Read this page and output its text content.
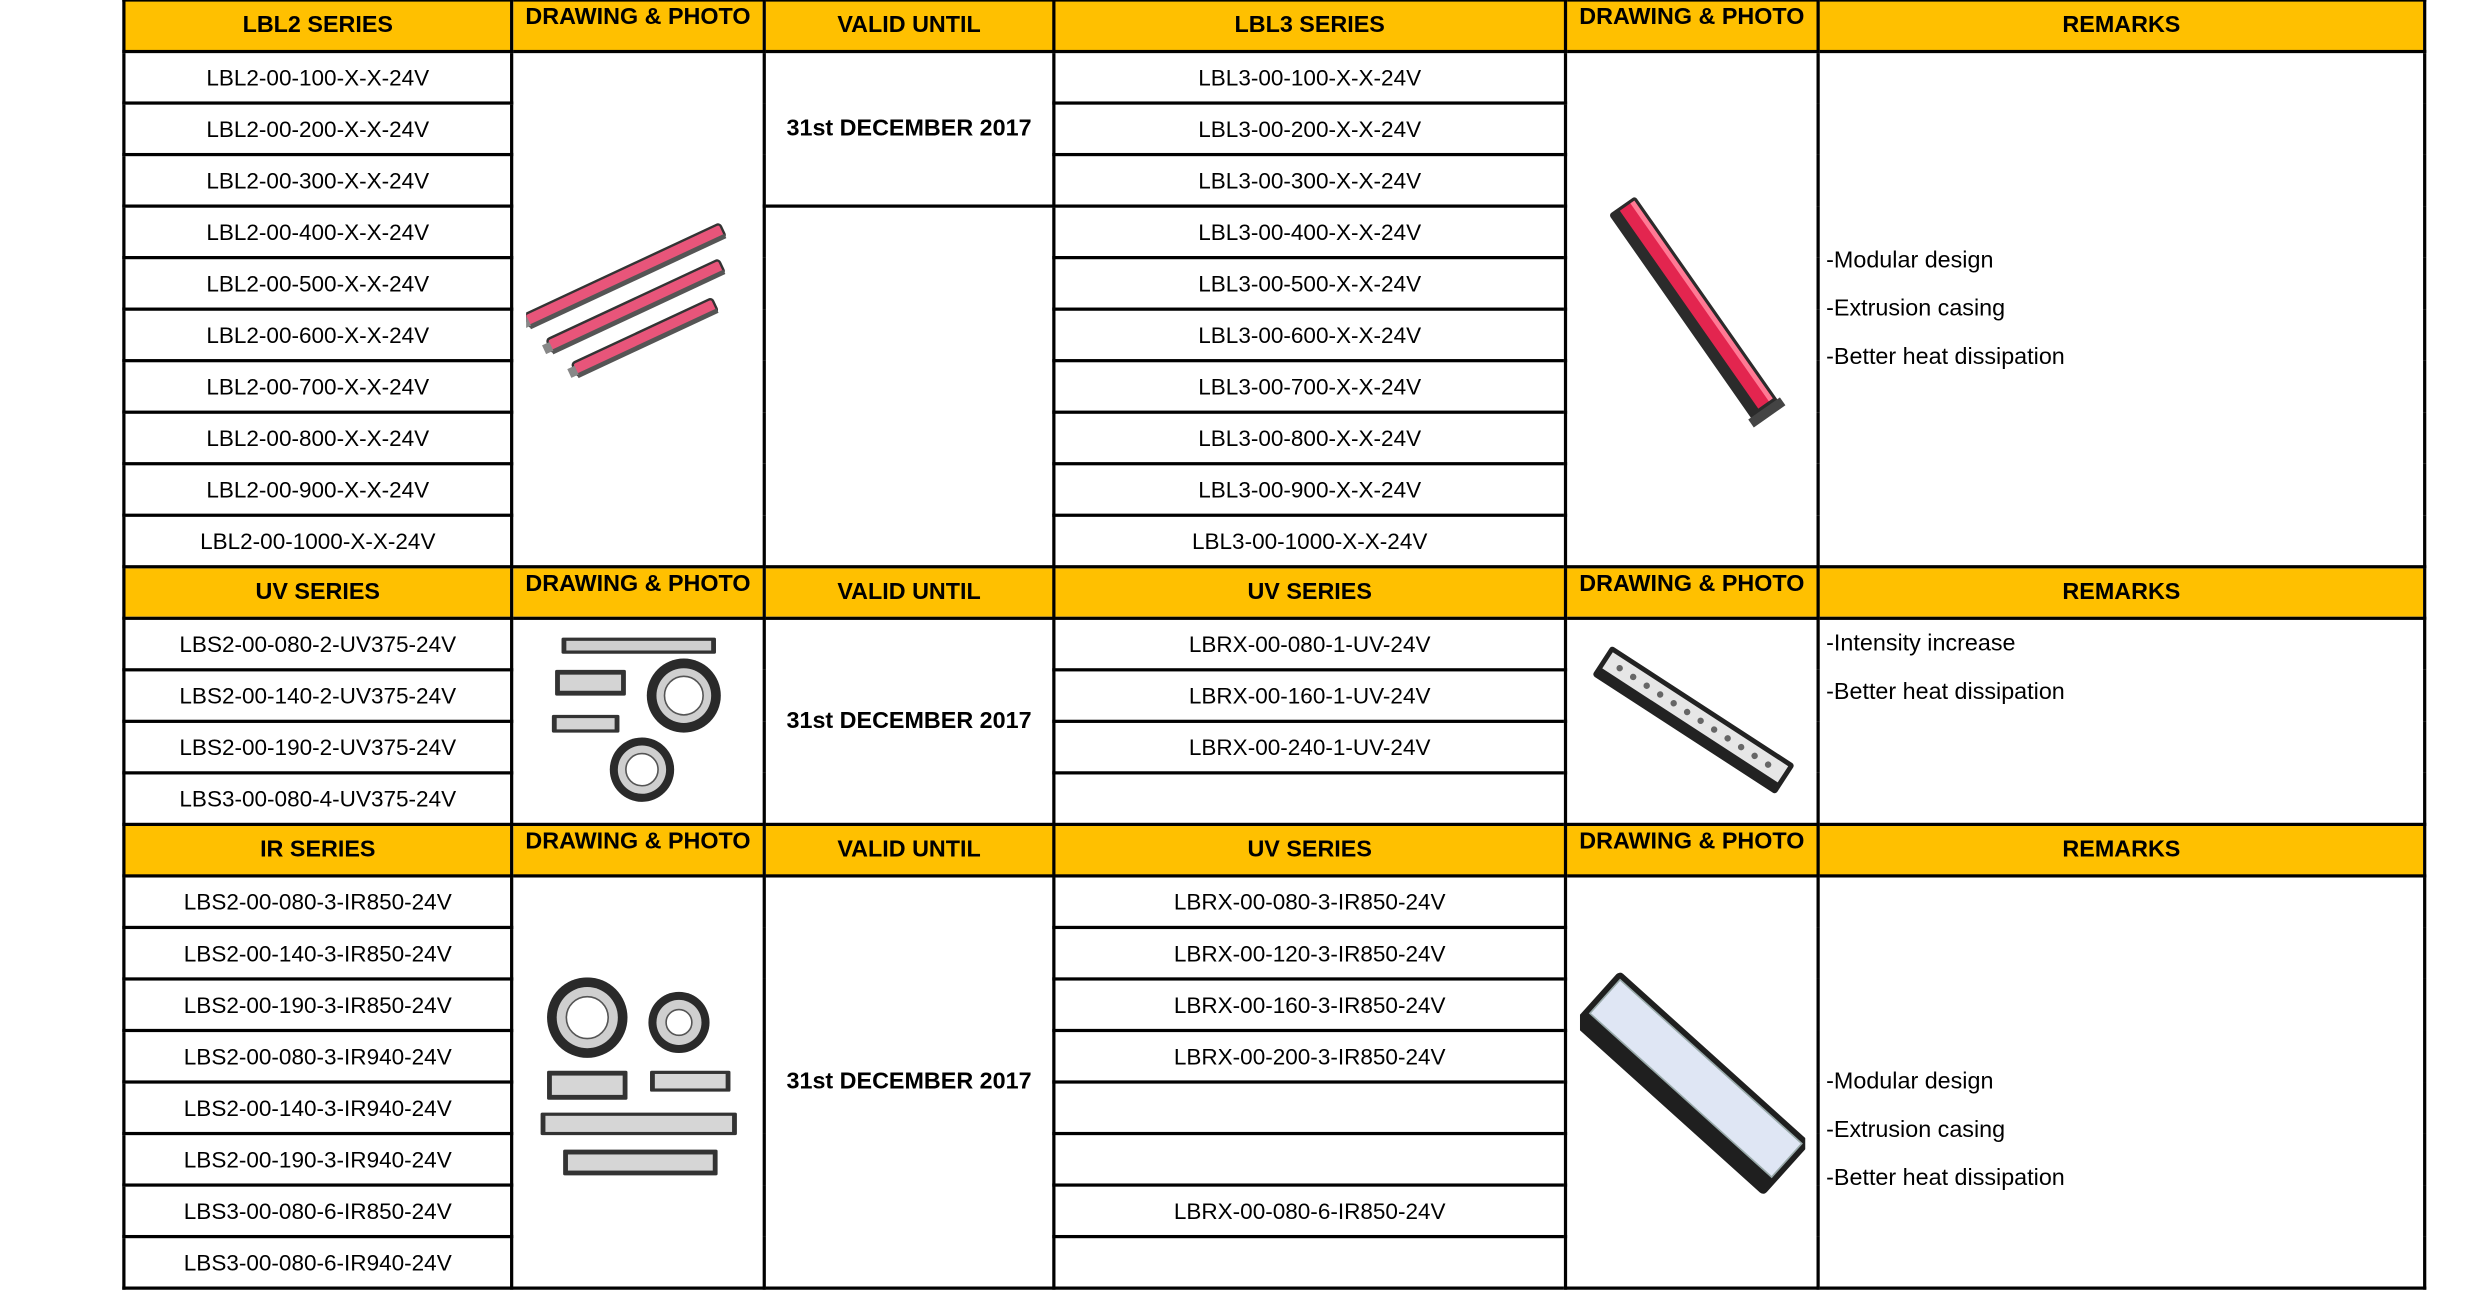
LBL2 SERIES	DRAWING & PHOTO	VALID UNTIL	LBL3 SERIES	DRAWING & PHOTO	REMARKS
LBL2-00-100-X-X-24V		31st DECEMBER 2017	LBL3-00-100-X-X-24V		-Modular design
-Extrusion casing
-Better heat dissipation

LBL2-00-200-X-X-24V			LBL3-00-200-X-X-24V		
LBL2-00-300-X-X-24V			LBL3-00-300-X-X-24V		
LBL2-00-400-X-X-24V			LBL3-00-400-X-X-24V		
LBL2-00-500-X-X-24V			LBL3-00-500-X-X-24V		
LBL2-00-600-X-X-24V			LBL3-00-600-X-X-24V		
LBL2-00-700-X-X-24V			LBL3-00-700-X-X-24V		
LBL2-00-800-X-X-24V			LBL3-00-800-X-X-24V		
LBL2-00-900-X-X-24V			LBL3-00-900-X-X-24V		
LBL2-00-1000-X-X-24V			LBL3-00-1000-X-X-24V		
UV SERIES	DRAWING & PHOTO	VALID UNTIL	UV SERIES	DRAWING & PHOTO	REMARKS
LBS2-00-080-2-UV375-24V		31st DECEMBER 2017	LBRX-00-080-1-UV-24V		-Intensity increase
-Better heat dissipation

LBS2-00-140-2-UV375-24V			LBRX-00-160-1-UV-24V		
LBS2-00-190-2-UV375-24V			LBRX-00-240-1-UV-24V		
LBS3-00-080-4-UV375-24V					
IR SERIES	DRAWING & PHOTO	VALID UNTIL	UV SERIES	DRAWING & PHOTO	REMARKS
LBS2-00-080-3-IR850-24V		31st DECEMBER 2017	LBRX-00-080-3-IR850-24V		-Modular design
-Extrusion casing
-Better heat dissipation

LBS2-00-140-3-IR850-24V			LBRX-00-120-3-IR850-24V		
LBS2-00-190-3-IR850-24V			LBRX-00-160-3-IR850-24V		
LBS2-00-080-3-IR940-24V			LBRX-00-200-3-IR850-24V		
LBS2-00-140-3-IR940-24V					
LBS2-00-190-3-IR940-24V					
LBS3-00-080-6-IR850-24V			LBRX-00-080-6-IR850-24V		
LBS3-00-080-6-IR940-24V					
